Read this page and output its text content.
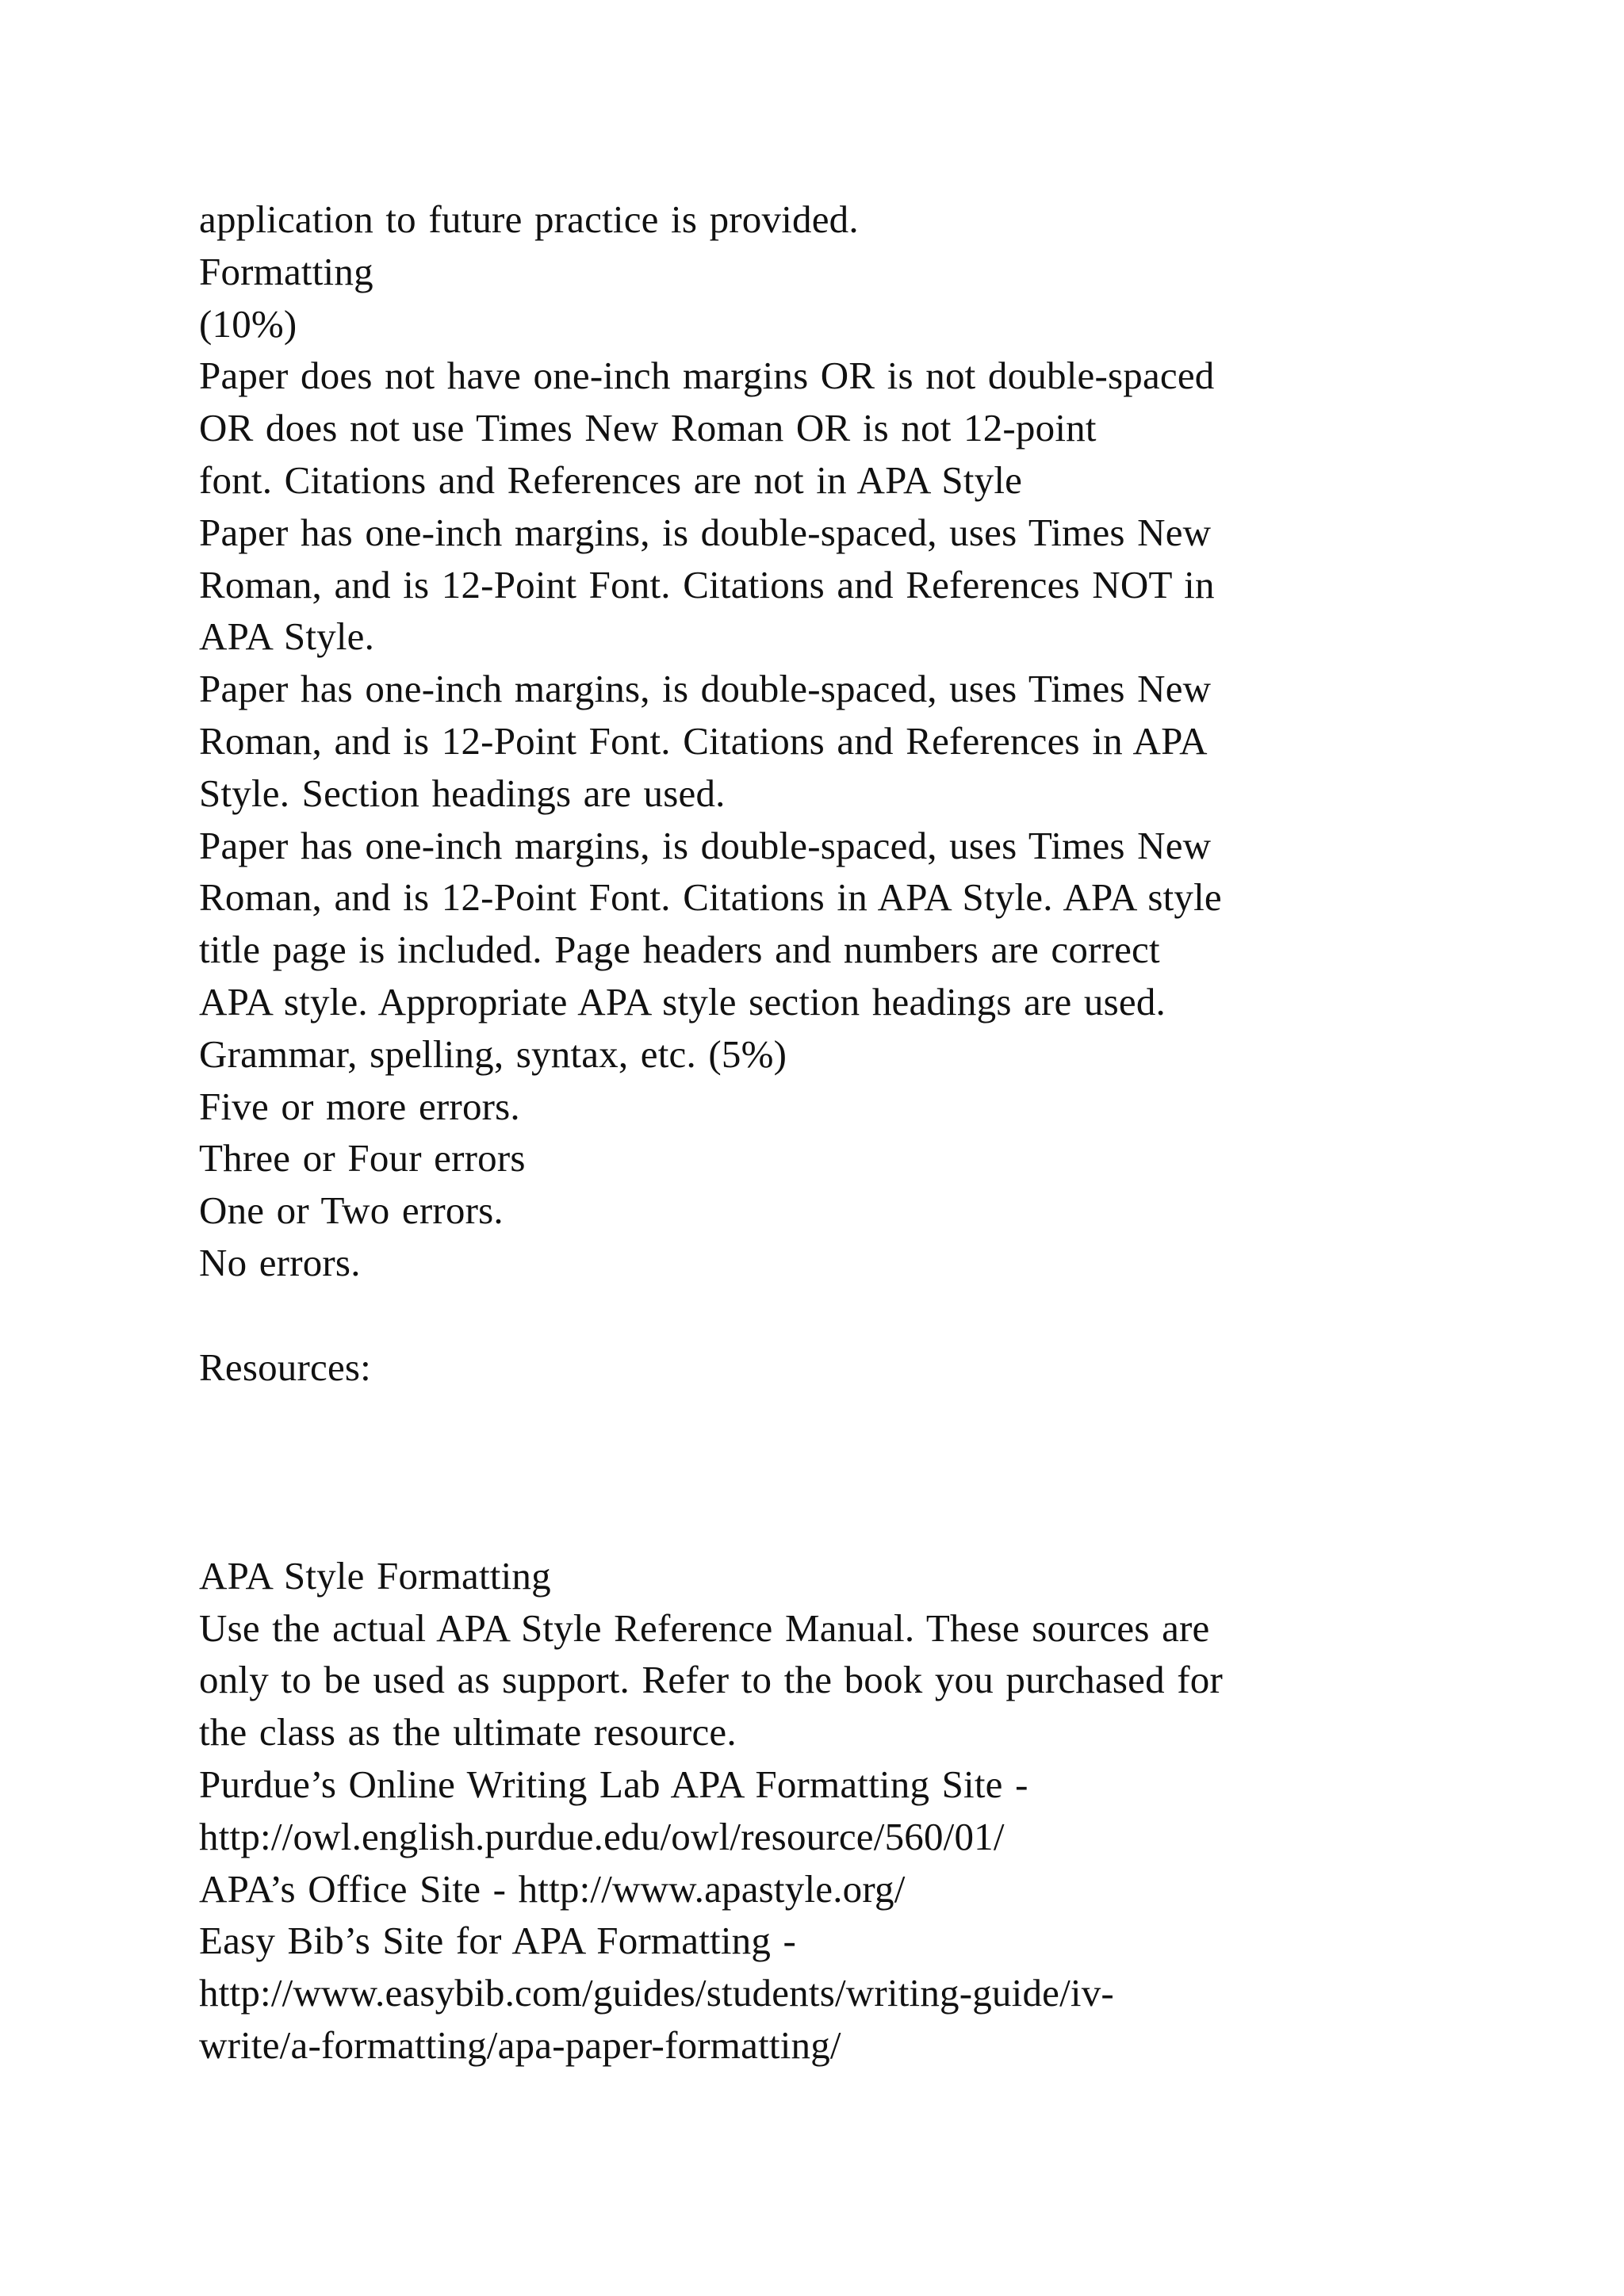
application to future practice is provided.
Formatting
(10%)
Paper does not have one-inch margins OR is not double-spaced
OR does not use Times New Roman OR is not 12-point
font. Citations and References are not in APA Style
Paper has one-inch margins, is double-spaced, uses Times New
Roman, and is 12-Point Font. Citations and References NOT in
APA Style.
Paper has one-inch margins, is double-spaced, uses Times New
Roman, and is 12-Point Font. Citations and References in APA
Style. Section headings are used.
Paper has one-inch margins, is double-spaced, uses Times New
Roman, and is 12-Point Font. Citations in APA Style. APA style
title page is included. Page headers and numbers are correct
APA style. Appropriate APA style section headings are used.
Grammar, spelling, syntax, etc. (5%)
Five or more errors.
Three or Four errors
One or Two errors.
No errors.
Resources:
APA Style Formatting
Use the actual APA Style Reference Manual. These sources are
only to be used as support. Refer to the book you purchased for
the class as the ultimate resource.
Purdue’s Online Writing Lab APA Formatting Site -
http://owl.english.purdue.edu/owl/resource/560/01/
APA’s Office Site - http://www.apastyle.org/
Easy Bib’s Site for APA Formatting -
http://www.easybib.com/guides/students/writing-guide/iv-
write/a-formatting/apa-paper-formatting/
